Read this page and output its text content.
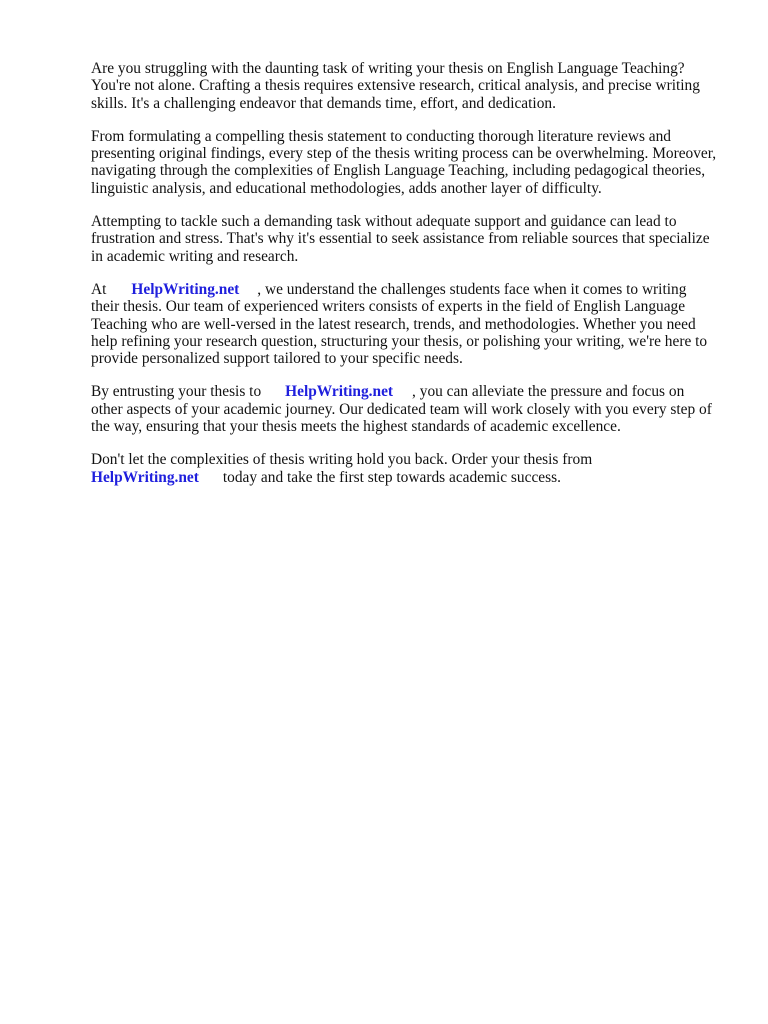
Are you struggling with the daunting task of writing your thesis on English Language Teaching?
You're not alone. Crafting a thesis requires extensive research, critical analysis, and precise writing
skills. It's a challenging endeavor that demands time, effort, and dedication.

From formulating a compelling thesis statement to conducting thorough literature reviews and
presenting original findings, every step of the thesis writing process can be overwhelming. Moreover,
navigating through the complexities of English Language Teaching, including pedagogical theories,
linguistic analysis, and educational methodologies, adds another layer of difficulty.

Attempting to tackle such a demanding task without adequate support and guidance can lead to
frustration and stress. That's why it's essential to seek assistance from reliable sources that specialize
in academic writing and research.

At HelpWriting.net , we understand the challenges students face when it comes to writing
their thesis. Our team of experienced writers consists of experts in the field of English Language
Teaching who are well-versed in the latest research, trends, and methodologies. Whether you need
help refining your research question, structuring your thesis, or polishing your writing, we're here to
provide personalized support tailored to your specific needs.

By entrusting your thesis to HelpWriting.net , you can alleviate the pressure and focus on
other aspects of your academic journey. Our dedicated team will work closely with you every step of
the way, ensuring that your thesis meets the highest standards of academic excellence.

Don't let the complexities of thesis writing hold you back. Order your thesis from
HelpWriting.net today and take the first step towards academic success.
